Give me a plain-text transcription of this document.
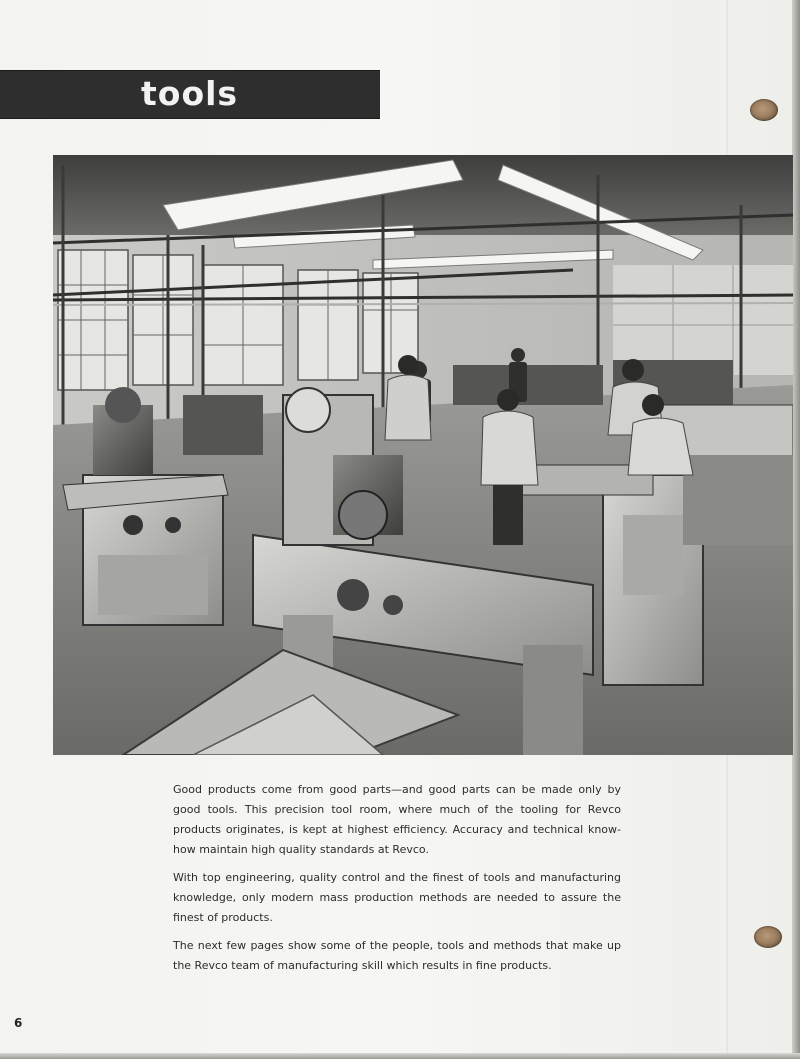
tools

Good products come from good parts—and good parts can be made only by good tools. This precision tool room, where much of the tooling for Revco products originates, is kept at highest efficiency. Accuracy and technical know-how maintain high quality standards at Revco.

With top engineering, quality control and the finest of tools and manufacturing knowledge, only modern mass production methods are needed to assure the finest of products.

The next few pages show some of the people, tools and methods that make up the Revco team of manufacturing skill which results in fine products.

6
